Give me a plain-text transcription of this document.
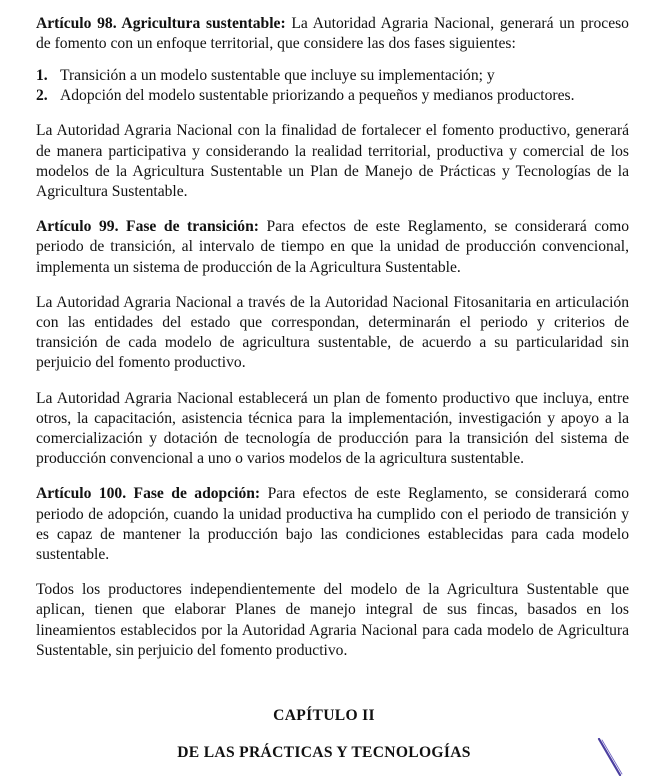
Artículo 98. Agricultura sustentable: La Autoridad Agraria Nacional, generará un proceso de fomento con un enfoque territorial, que considere las dos fases siguientes:

1. Transición a un modelo sustentable que incluye su implementación; y
2. Adopción del modelo sustentable priorizando a pequeños y medianos productores.

La Autoridad Agraria Nacional con la finalidad de fortalecer el fomento productivo, generará de manera participativa y considerando la realidad territorial, productiva y comercial de los modelos de la Agricultura Sustentable un Plan de Manejo de Prácticas y Tecnologías de la Agricultura Sustentable.

Artículo 99. Fase de transición: Para efectos de este Reglamento, se considerará como periodo de transición, al intervalo de tiempo en que la unidad de producción convencional, implementa un sistema de producción de la Agricultura Sustentable.

La Autoridad Agraria Nacional a través de la Autoridad Nacional Fitosanitaria en articulación con las entidades del estado que correspondan, determinarán el periodo y criterios de transición de cada modelo de agricultura sustentable, de acuerdo a su particularidad sin perjuicio del fomento productivo.

La Autoridad Agraria Nacional establecerá un plan de fomento productivo que incluya, entre otros, la capacitación, asistencia técnica para la implementación, investigación y apoyo a la comercialización y dotación de tecnología de producción para la transición del sistema de producción convencional a uno o varios modelos de la agricultura sustentable.

Artículo 100. Fase de adopción: Para efectos de este Reglamento, se considerará como periodo de adopción, cuando la unidad productiva ha cumplido con el periodo de transición y es capaz de mantener la producción bajo las condiciones establecidas para cada modelo sustentable.

Todos los productores independientemente del modelo de la Agricultura Sustentable que aplican, tienen que elaborar Planes de manejo integral de sus fincas, basados en los lineamientos establecidos por la Autoridad Agraria Nacional para cada modelo de Agricultura Sustentable, sin perjuicio del fomento productivo.

CAPÍTULO II
DE LAS PRÁCTICAS Y TECNOLOGÍAS
